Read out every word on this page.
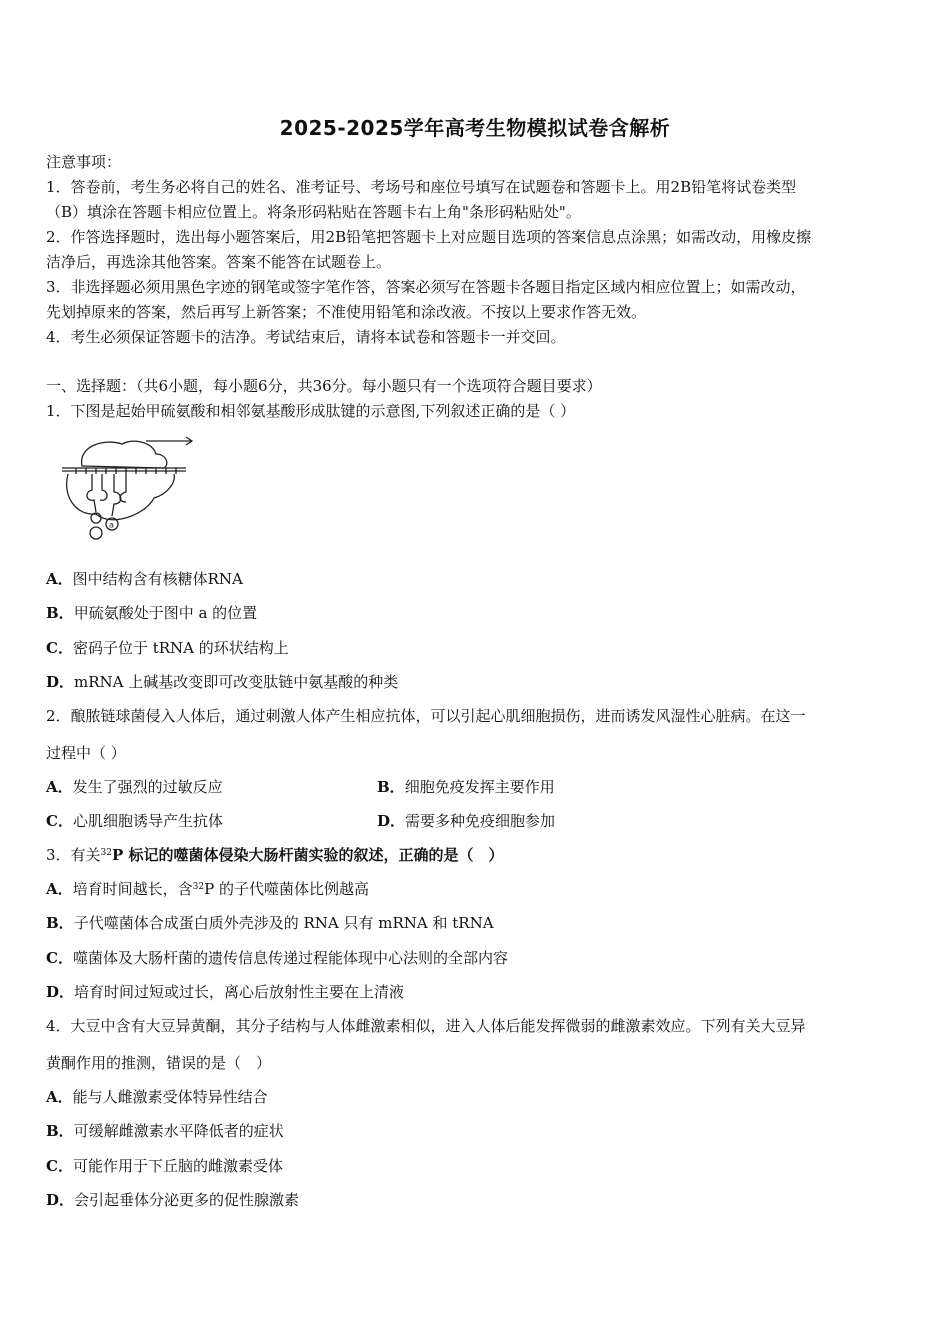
2025-2025学年高考生物模拟试卷含解析
注意事项：
1．答卷前，考生务必将自己的姓名、准考证号、考场号和座位号填写在试题卷和答题卡上。用2B铅笔将试卷类型
（B）填涂在答题卡相应位置上。将条形码粘贴在答题卡右上角"条形码粘贴处"。
2．作答选择题时，选出每小题答案后，用2B铅笔把答题卡上对应题目选项的答案信息点涂黑；如需改动，用橡皮擦
洁净后，再选涂其他答案。答案不能答在试题卷上。
3．非选择题必须用黑色字迹的钢笔或签字笔作答，答案必须写在答题卡各题目指定区域内相应位置上；如需改动，
先划掉原来的答案，然后再写上新答案；不准使用铅笔和涂改液。不按以上要求作答无效。
4．考生必须保证答题卡的洁净。考试结束后，请将本试卷和答题卡一并交回。
一、选择题：（共6小题，每小题6分，共36分。每小题只有一个选项符合题目要求）
1．下图是起始甲硫氨酸和相邻氨基酸形成肽键的示意图,下列叙述正确的是（ ）
a
A．图中结构含有核糖体RNA
B．甲硫氨酸处于图中 a 的位置
C．密码子位于 tRNA 的环状结构上
D．mRNA 上碱基改变即可改变肽链中氨基酸的种类
2．酿脓链球菌侵入人体后，通过刺激人体产生相应抗体，可以引起心肌细胞损伤，进而诱发风湿性心脏病。在这一
过程中（ ）
A．发生了强烈的过敏反应	B．细胞免疫发挥主要作用
C．心肌细胞诱导产生抗体	D．需要多种免疫细胞参加
3．有关$^{32}$P 标记的噬菌体侵染大肠杆菌实验的叙述，正确的是（　）
A．培育时间越长，含$^{32}$P 的子代噬菌体比例越高
B．子代噬菌体合成蛋白质外壳涉及的 RNA 只有 mRNA 和 tRNA
C．噬菌体及大肠杆菌的遗传信息传递过程能体现中心法则的全部内容
D．培育时间过短或过长，离心后放射性主要在上清液
4．大豆中含有大豆异黄酮，其分子结构与人体雌激素相似，进入人体后能发挥微弱的雌激素效应。下列有关大豆异
黄酮作用的推测，错误的是（　）
A．能与人雌激素受体特异性结合
B．可缓解雌激素水平降低者的症状
C．可能作用于下丘脑的雌激素受体
D．会引起垂体分泌更多的促性腺激素
